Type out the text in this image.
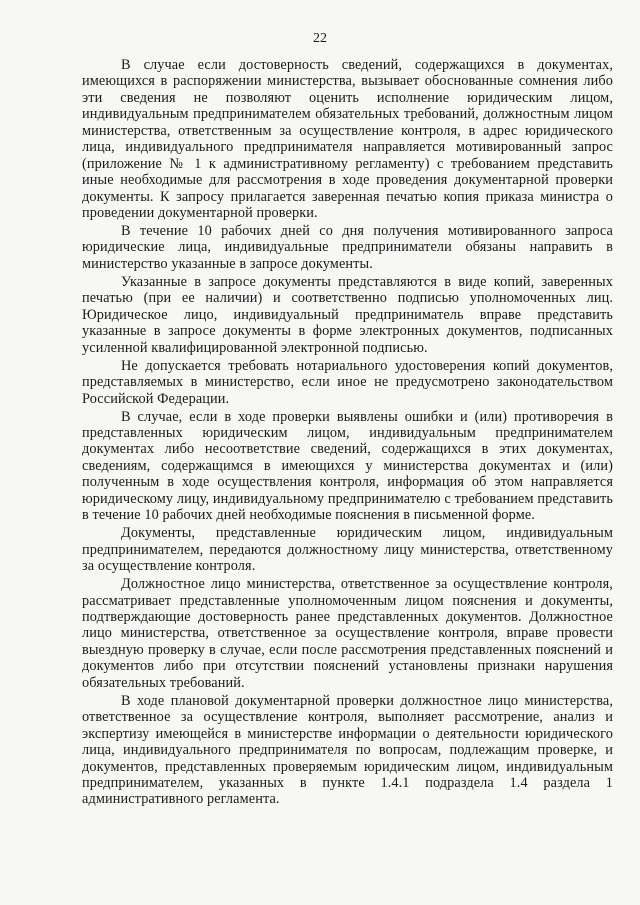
22

В случае если достоверность сведений, содержащихся в документах, имеющихся в распоряжении министерства, вызывает обоснованные сомнения либо эти сведения не позволяют оценить исполнение юридическим лицом, индивидуальным предпринимателем обязательных требований, должностным лицом министерства, ответственным за осуществление контроля, в адрес юридического лица, индивидуального предпринимателя направляется мотивированный запрос (приложение № 1 к административному регламенту) с требованием представить иные необходимые для рассмотрения в ходе проведения документарной проверки документы. К запросу прилагается заверенная печатью копия приказа министра о проведении документарной проверки.

В течение 10 рабочих дней со дня получения мотивированного запроса юридические лица, индивидуальные предприниматели обязаны направить в министерство указанные в запросе документы.

Указанные в запросе документы представляются в виде копий, заверенных печатью (при ее наличии) и соответственно подписью уполномоченных лиц. Юридическое лицо, индивидуальный предприниматель вправе представить указанные в запросе документы в форме электронных документов, подписанных усиленной квалифицированной электронной подписью.

Не допускается требовать нотариального удостоверения копий документов, представляемых в министерство, если иное не предусмотрено законодательством Российской Федерации.

В случае, если в ходе проверки выявлены ошибки и (или) противоречия в представленных юридическим лицом, индивидуальным предпринимателем документах либо несоответствие сведений, содержащихся в этих документах, сведениям, содержащимся в имеющихся у министерства документах и (или) полученным в ходе осуществления контроля, информация об этом направляется юридическому лицу, индивидуальному предпринимателю с требованием представить в течение 10 рабочих дней необходимые пояснения в письменной форме.

Документы, представленные юридическим лицом, индивидуальным предпринимателем, передаются должностному лицу министерства, ответственному за осуществление контроля.

Должностное лицо министерства, ответственное за осуществление контроля, рассматривает представленные уполномоченным лицом пояснения и документы, подтверждающие достоверность ранее представленных документов. Должностное лицо министерства, ответственное за осуществление контроля, вправе провести выездную проверку в случае, если после рассмотрения представленных пояснений и документов либо при отсутствии пояснений установлены признаки нарушения обязательных требований.

В ходе плановой документарной проверки должностное лицо министерства, ответственное за осуществление контроля, выполняет рассмотрение, анализ и экспертизу имеющейся в министерстве информации о деятельности юридического лица, индивидуального предпринимателя по вопросам, подлежащим проверке, и документов, представленных проверяемым юридическим лицом, индивидуальным предпринимателем, указанных в пункте 1.4.1 подраздела 1.4 раздела 1 административного регламента.
